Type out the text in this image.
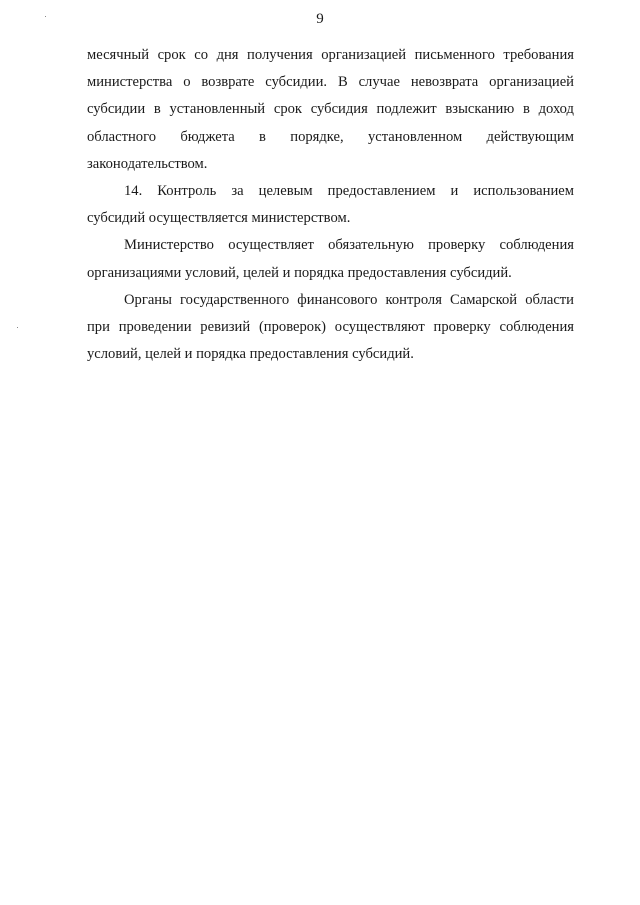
9

месячный срок со дня получения организацией письменного требования
министерства о возврате субсидии. В случае невозврата организацией
субсидии в установленный срок субсидия подлежит взысканию в доход
областного бюджета в порядке, установленном действующим
законодательством.

14. Контроль за целевым предоставлением и использованием
субсидий осуществляется министерством.

Министерство осуществляет обязательную проверку соблюдения
организациями условий, целей и порядка предоставления субсидий.

Органы государственного финансового контроля Самарской области
при проведении ревизий (проверок) осуществляют проверку соблюдения
условий, целей и порядка предоставления субсидий.
